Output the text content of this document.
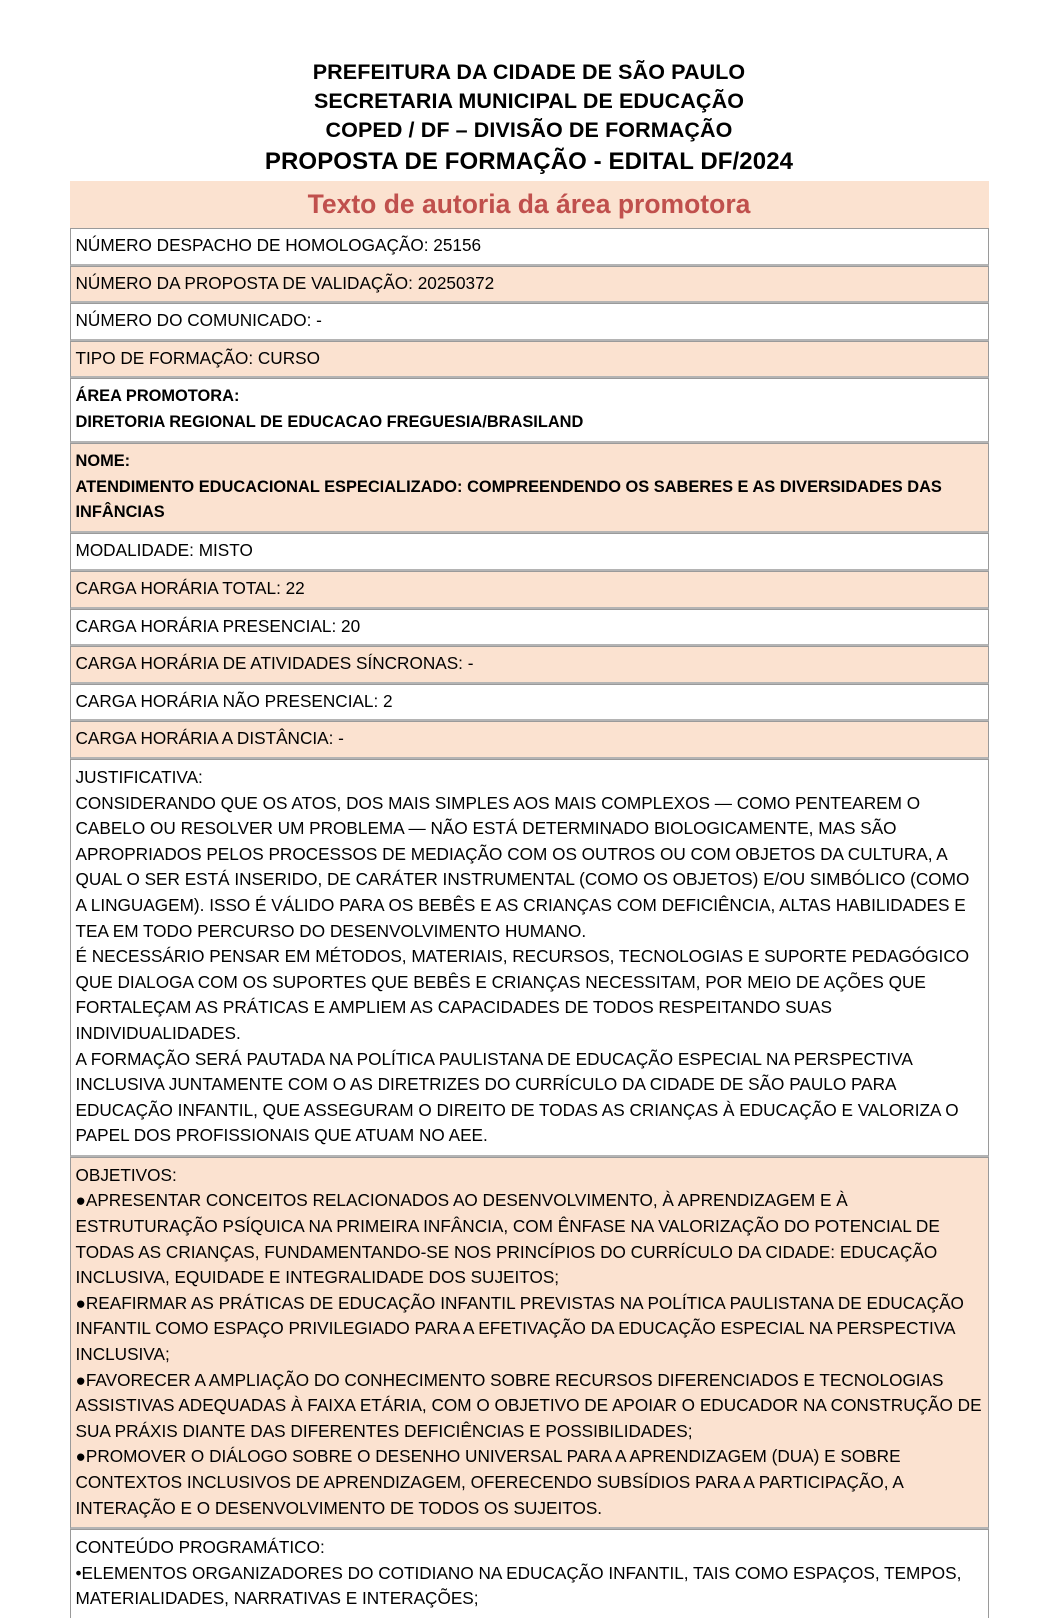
PREFEITURA DA CIDADE DE SÃO PAULO
SECRETARIA MUNICIPAL DE EDUCAÇÃO
COPED / DF – DIVISÃO DE FORMAÇÃO
PROPOSTA DE FORMAÇÃO - EDITAL DF/2024
Texto de autoria da área promotora
NÚMERO DESPACHO DE HOMOLOGAÇÃO: 25156
NÚMERO DA PROPOSTA DE VALIDAÇÃO: 20250372
NÚMERO DO COMUNICADO: -
TIPO DE FORMAÇÃO: CURSO
ÁREA PROMOTORA:
DIRETORIA REGIONAL DE EDUCACAO FREGUESIA/BRASILAND
NOME:
ATENDIMENTO EDUCACIONAL ESPECIALIZADO: COMPREENDENDO OS SABERES E AS DIVERSIDADES DAS INFÂNCIAS
MODALIDADE: MISTO
CARGA HORÁRIA TOTAL: 22
CARGA HORÁRIA PRESENCIAL: 20
CARGA HORÁRIA DE ATIVIDADES SÍNCRONAS: -
CARGA HORÁRIA NÃO PRESENCIAL: 2
CARGA HORÁRIA A DISTÂNCIA: -

JUSTIFICATIVA:

CONSIDERANDO QUE OS ATOS, DOS MAIS SIMPLES AOS MAIS COMPLEXOS — COMO PENTEAREM O CABELO OU RESOLVER UM PROBLEMA — NÃO ESTÁ DETERMINADO BIOLOGICAMENTE, MAS SÃO APROPRIADOS PELOS PROCESSOS DE MEDIAÇÃO COM OS OUTROS OU COM OBJETOS DA CULTURA, A QUAL O SER ESTÁ INSERIDO, DE CARÁTER INSTRUMENTAL (COMO OS OBJETOS) E/OU SIMBÓLICO (COMO A LINGUAGEM). ISSO É VÁLIDO PARA OS BEBÊS E AS CRIANÇAS COM DEFICIÊNCIA, ALTAS HABILIDADES E TEA EM TODO PERCURSO DO DESENVOLVIMENTO HUMANO.

É NECESSÁRIO PENSAR EM MÉTODOS, MATERIAIS, RECURSOS, TECNOLOGIAS E SUPORTE PEDAGÓGICO QUE DIALOGA COM OS SUPORTES QUE BEBÊS E CRIANÇAS NECESSITAM, POR MEIO DE AÇÕES QUE FORTALEÇAM AS PRÁTICAS E AMPLIEM AS CAPACIDADES DE TODOS RESPEITANDO SUAS INDIVIDUALIDADES.

A FORMAÇÃO SERÁ PAUTADA NA POLÍTICA PAULISTANA DE EDUCAÇÃO ESPECIAL NA PERSPECTIVA INCLUSIVA JUNTAMENTE COM O AS DIRETRIZES DO CURRÍCULO DA CIDADE DE SÃO PAULO PARA EDUCAÇÃO INFANTIL, QUE ASSEGURAM O DIREITO DE TODAS AS CRIANÇAS À EDUCAÇÃO E VALORIZA O PAPEL DOS PROFISSIONAIS QUE ATUAM NO AEE.

OBJETIVOS:

●APRESENTAR CONCEITOS RELACIONADOS AO DESENVOLVIMENTO, À APRENDIZAGEM E À ESTRUTURAÇÃO PSÍQUICA NA PRIMEIRA INFÂNCIA, COM ÊNFASE NA VALORIZAÇÃO DO POTENCIAL DE TODAS AS CRIANÇAS, FUNDAMENTANDO-SE NOS PRINCÍPIOS DO CURRÍCULO DA CIDADE: EDUCAÇÃO INCLUSIVA, EQUIDADE E INTEGRALIDADE DOS SUJEITOS;

●REAFIRMAR AS PRÁTICAS DE EDUCAÇÃO INFANTIL PREVISTAS NA POLÍTICA PAULISTANA DE EDUCAÇÃO INFANTIL COMO ESPAÇO PRIVILEGIADO PARA A EFETIVAÇÃO DA EDUCAÇÃO ESPECIAL NA PERSPECTIVA INCLUSIVA;

●FAVORECER A AMPLIAÇÃO DO CONHECIMENTO SOBRE RECURSOS DIFERENCIADOS E TECNOLOGIAS ASSISTIVAS ADEQUADAS À FAIXA ETÁRIA, COM O OBJETIVO DE APOIAR O EDUCADOR NA CONSTRUÇÃO DE SUA PRÁXIS DIANTE DAS DIFERENTES DEFICIÊNCIAS E POSSIBILIDADES;

●PROMOVER O DIÁLOGO SOBRE O DESENHO UNIVERSAL PARA A APRENDIZAGEM (DUA) E SOBRE CONTEXTOS INCLUSIVOS DE APRENDIZAGEM, OFERECENDO SUBSÍDIOS PARA A PARTICIPAÇÃO, A INTERAÇÃO E O DESENVOLVIMENTO DE TODOS OS SUJEITOS.

CONTEÚDO PROGRAMÁTICO:

•ELEMENTOS ORGANIZADORES DO COTIDIANO NA EDUCAÇÃO INFANTIL, TAIS COMO ESPAÇOS, TEMPOS, MATERIALIDADES, NARRATIVAS E INTERAÇÕES;
